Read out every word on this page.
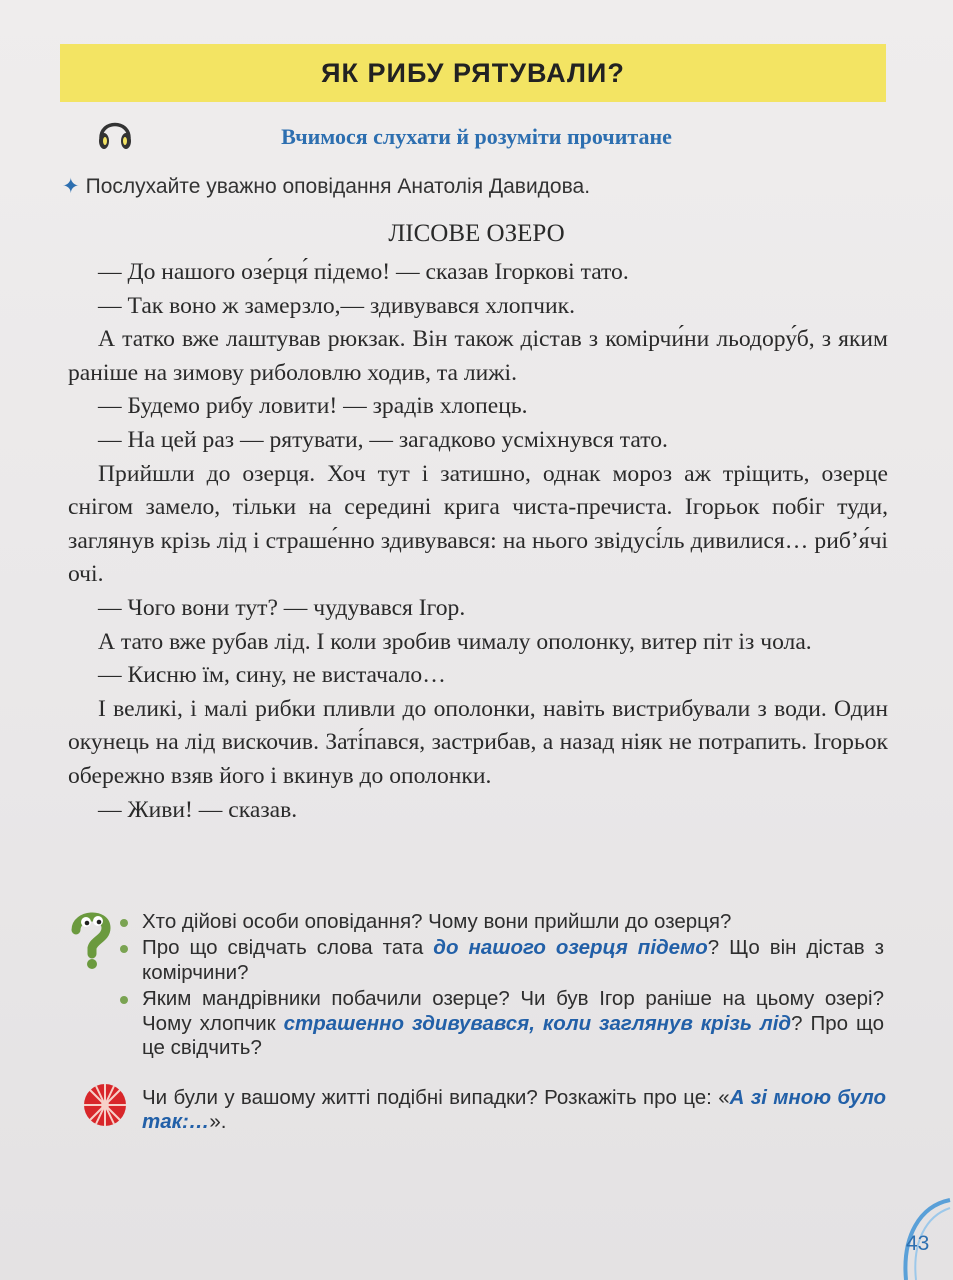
ЯК РИБУ РЯТУВАЛИ?
Вчимося слухати й розуміти прочитане
✦ Послухайте уважно оповідання Анатолія Давидова.
ЛІСОВЕ ОЗЕРО

— До нашого озе́рця́ підемо! — сказав Ігоркові тато.

— Так воно ж замерзло,— здивувався хлопчик.

А татко вже лаштував рюкзак. Він також дістав з комірчи́ни льодору́б, з яким раніше на зимову риболовлю ходив, та лижі.

— Будемо рибу ловити! — зрадів хлопець.

— На цей раз — рятувати, — загадково усміхнувся тато.

Прийшли до озерця. Хоч тут і затишно, однак мороз аж тріщить, озерце снігом замело, тільки на середині крига чиста-пречиста. Ігорьок побіг туди, заглянув крізь лід і страше́нно здивувався: на нього звідусі́ль дивилися… риб’я́чі очі.

— Чого вони тут? — чудувався Ігор.

А тато вже рубав лід. І коли зробив чималу ополонку, витер піт із чола.

— Кисню їм, сину, не вистачало…

І великі, і малі рибки пливли до ополонки, навіть вистрибували з води. Один окунець на лід вискочив. Заті́пався, застрибав, а назад ніяк не потрапить. Ігорьок обережно взяв його і вкинув до ополонки.

— Живи! — сказав.

Хто дійові особи оповідання? Чому вони прийшли до озерця?
Про що свідчать слова тата до нашого озерця підемо? Що він дістав з комірчини?
Яким мандрівники побачили озерце? Чи був Ігор раніше на цьому озері? Чому хлопчик страшенно здивувався, коли заглянув крізь лід? Про що це свідчить?
Чи були у вашому житті подібні випадки? Розкажіть про це: «А зі мною було так:…».
43
